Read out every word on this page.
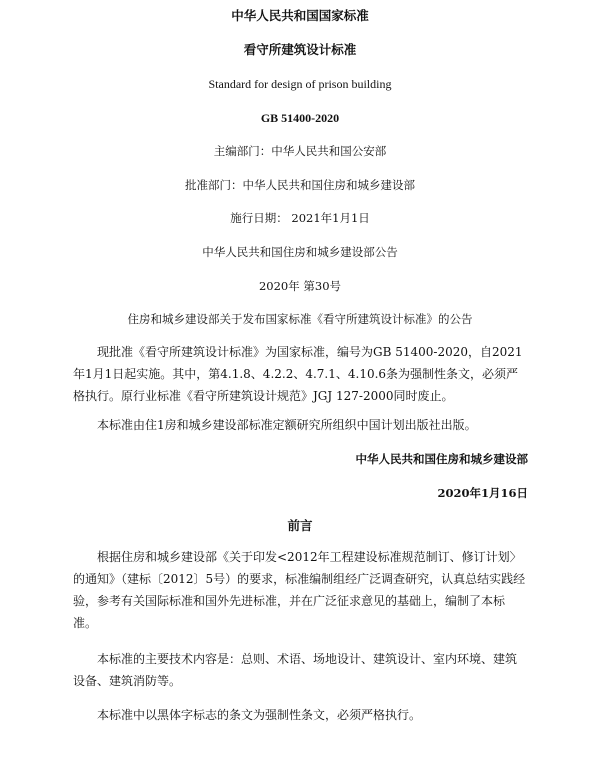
中华人民共和国国家标准
看守所建筑设计标准
Standard for design of prison building
GB 51400-2020
主编部门：中华人民共和国公安部
批准部门：中华人民共和国住房和城乡建设部
施行日期： 2021年1月1日
中华人民共和国住房和城乡建设部公告
2020年 第30号
住房和城乡建设部关于发布国家标准《看守所建筑设计标准》的公告
现批准《看守所建筑设计标准》为国家标准，编号为GB 51400-2020，自2021年1月1日起实施。其中，第4.1.8、4.2.2、4.7.1、4.10.6条为强制性条文，必须严格执行。原行业标准《看守所建筑设计规范》JGJ 127-2000同时废止。
本标准由住1房和城乡建设部标准定额研究所组织中国计划出版社出版。
中华人民共和国住房和城乡建设部
2020年1月16日
前言
根据住房和城乡建设部《关于印发<2012年工程建设标准规范制订、修订计划〉的通知》（建标〔2012〕5号）的要求，标准编制组经广泛调查研究，认真总结实践经验，参考有关国际标准和国外先进标准，并在广泛征求意见的基础上，编制了本标准。
本标准的主要技术内容是：总则、术语、场地设计、建筑设计、室内环境、建筑设备、建筑消防等。
本标准中以黑体字标志的条文为强制性条文，必须严格执行。
